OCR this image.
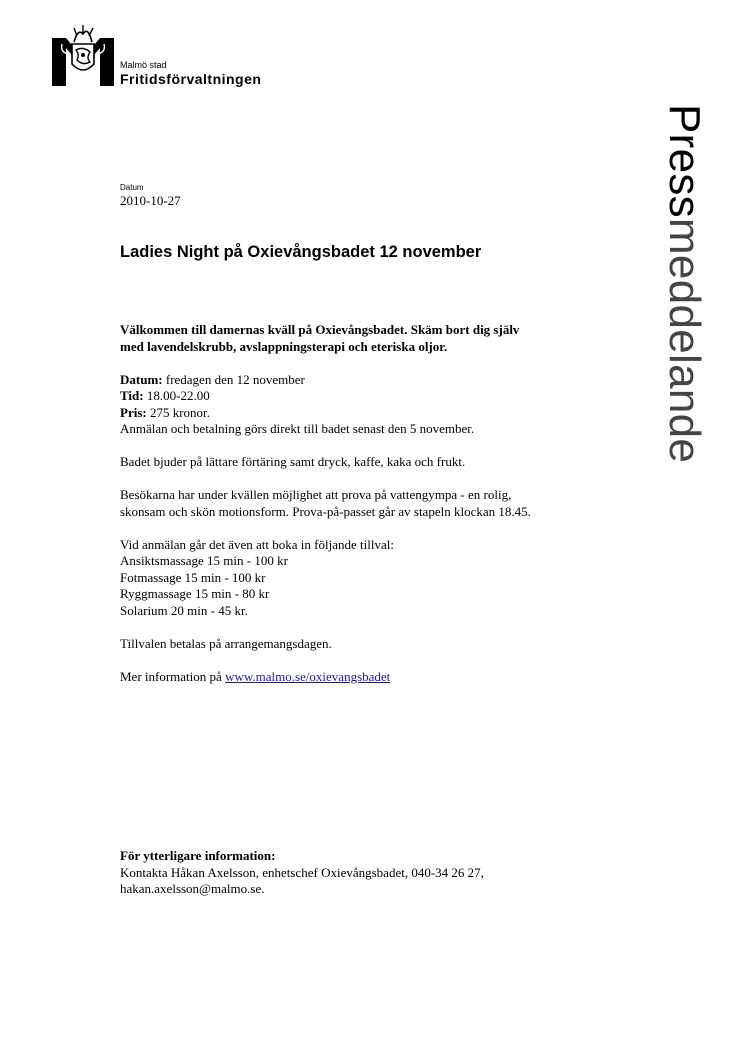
Malmö stad
Fritidsförvaltningen
Pressmeddelande
Datum
2010-10-27
Ladies Night på Oxievångsbadet 12 november

Välkommen till damernas kväll på Oxievångsbadet. Skäm bort dig själv
med lavendelskrubb, avslappningsterapi och eteriska oljor.

Datum: fredagen den 12 november
Tid: 18.00-22.00
Pris: 275 kronor.
Anmälan och betalning görs direkt till badet senast den 5 november.

Badet bjuder på lättare förtäring samt dryck, kaffe, kaka och frukt.

Besökarna har under kvällen möjlighet att prova på vattengympa - en rolig,
skonsam och skön motionsform. Prova-på-passet går av stapeln klockan 18.45.

Vid anmälan går det även att boka in följande tillval:
Ansiktsmassage 15 min - 100 kr
Fotmassage 15 min - 100 kr
Ryggmassage 15 min - 80 kr
Solarium 20 min - 45 kr.

Tillvalen betalas på arrangemangsdagen.

Mer information på www.malmo.se/oxievangsbadet

För ytterligare information:

Kontakta Håkan Axelsson, enhetschef Oxievångsbadet, 040-34 26 27,

hakan.axelsson@malmo.se.
